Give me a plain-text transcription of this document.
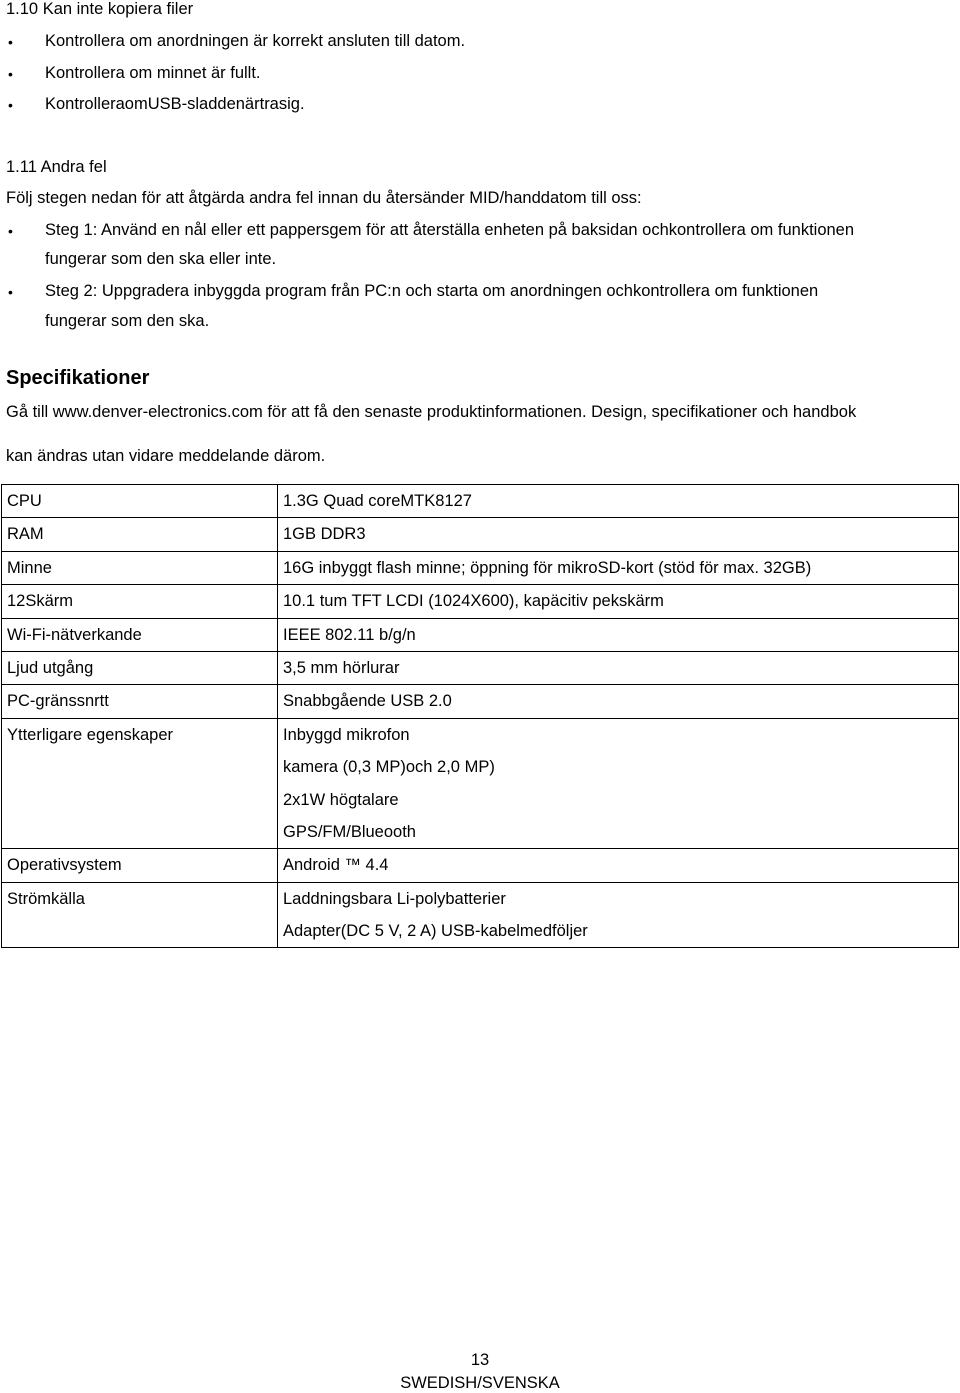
1.10 Kan inte kopiera filer
• Kontrollera om anordningen är korrekt ansluten till datom.
• Kontrollera om minnet är fullt.
• KontrolleraomUSB-sladdenärtrasig.
1.11 Andra fel
Följ stegen nedan för att åtgärda andra fel innan du återsänder MID/handdatom till oss:
• Steg 1: Använd en nål eller ett pappersgem för att återställa enheten på baksidan ochkontrollera om funktionen
fungerar som den ska eller inte.
• Steg 2: Uppgradera inbyggda program från PC:n och starta om anordningen ochkontrollera om funktionen
fungerar som den ska.
Specifikationer
Gå till www.denver-electronics.com för att få den senaste produktinformationen. Design, specifikationer och handbok
kan ändras utan vidare meddelande därom.
CPU	1.3G Quad coreMTK8127

RAM	1GB DDR3

Minne	16G inbyggt flash minne; öppning för mikroSD-kort (stöd för max. 32GB)

12Skärm	10.1 tum TFT LCDI (1024X600), kapäcitiv pekskärm

Wi-Fi-nätverkande	IEEE 802.11 b/g/n

Ljud utgång	3,5 mm hörlurar

PC-gränssnrtt	Snabbgående USB 2.0

Ytterligare egenskaper	Inbyggd mikrofon
kamera (0,3 MP)och 2,0 MP)
2x1W högtalare
GPS/FM/Blueooth

Operativsystem	Android ™ 4.4

Strömkälla	Laddningsbara Li-polybatterier
Adapter(DC 5 V, 2 A) USB-kabelmedföljer
13
SWEDISH/SVENSKA
